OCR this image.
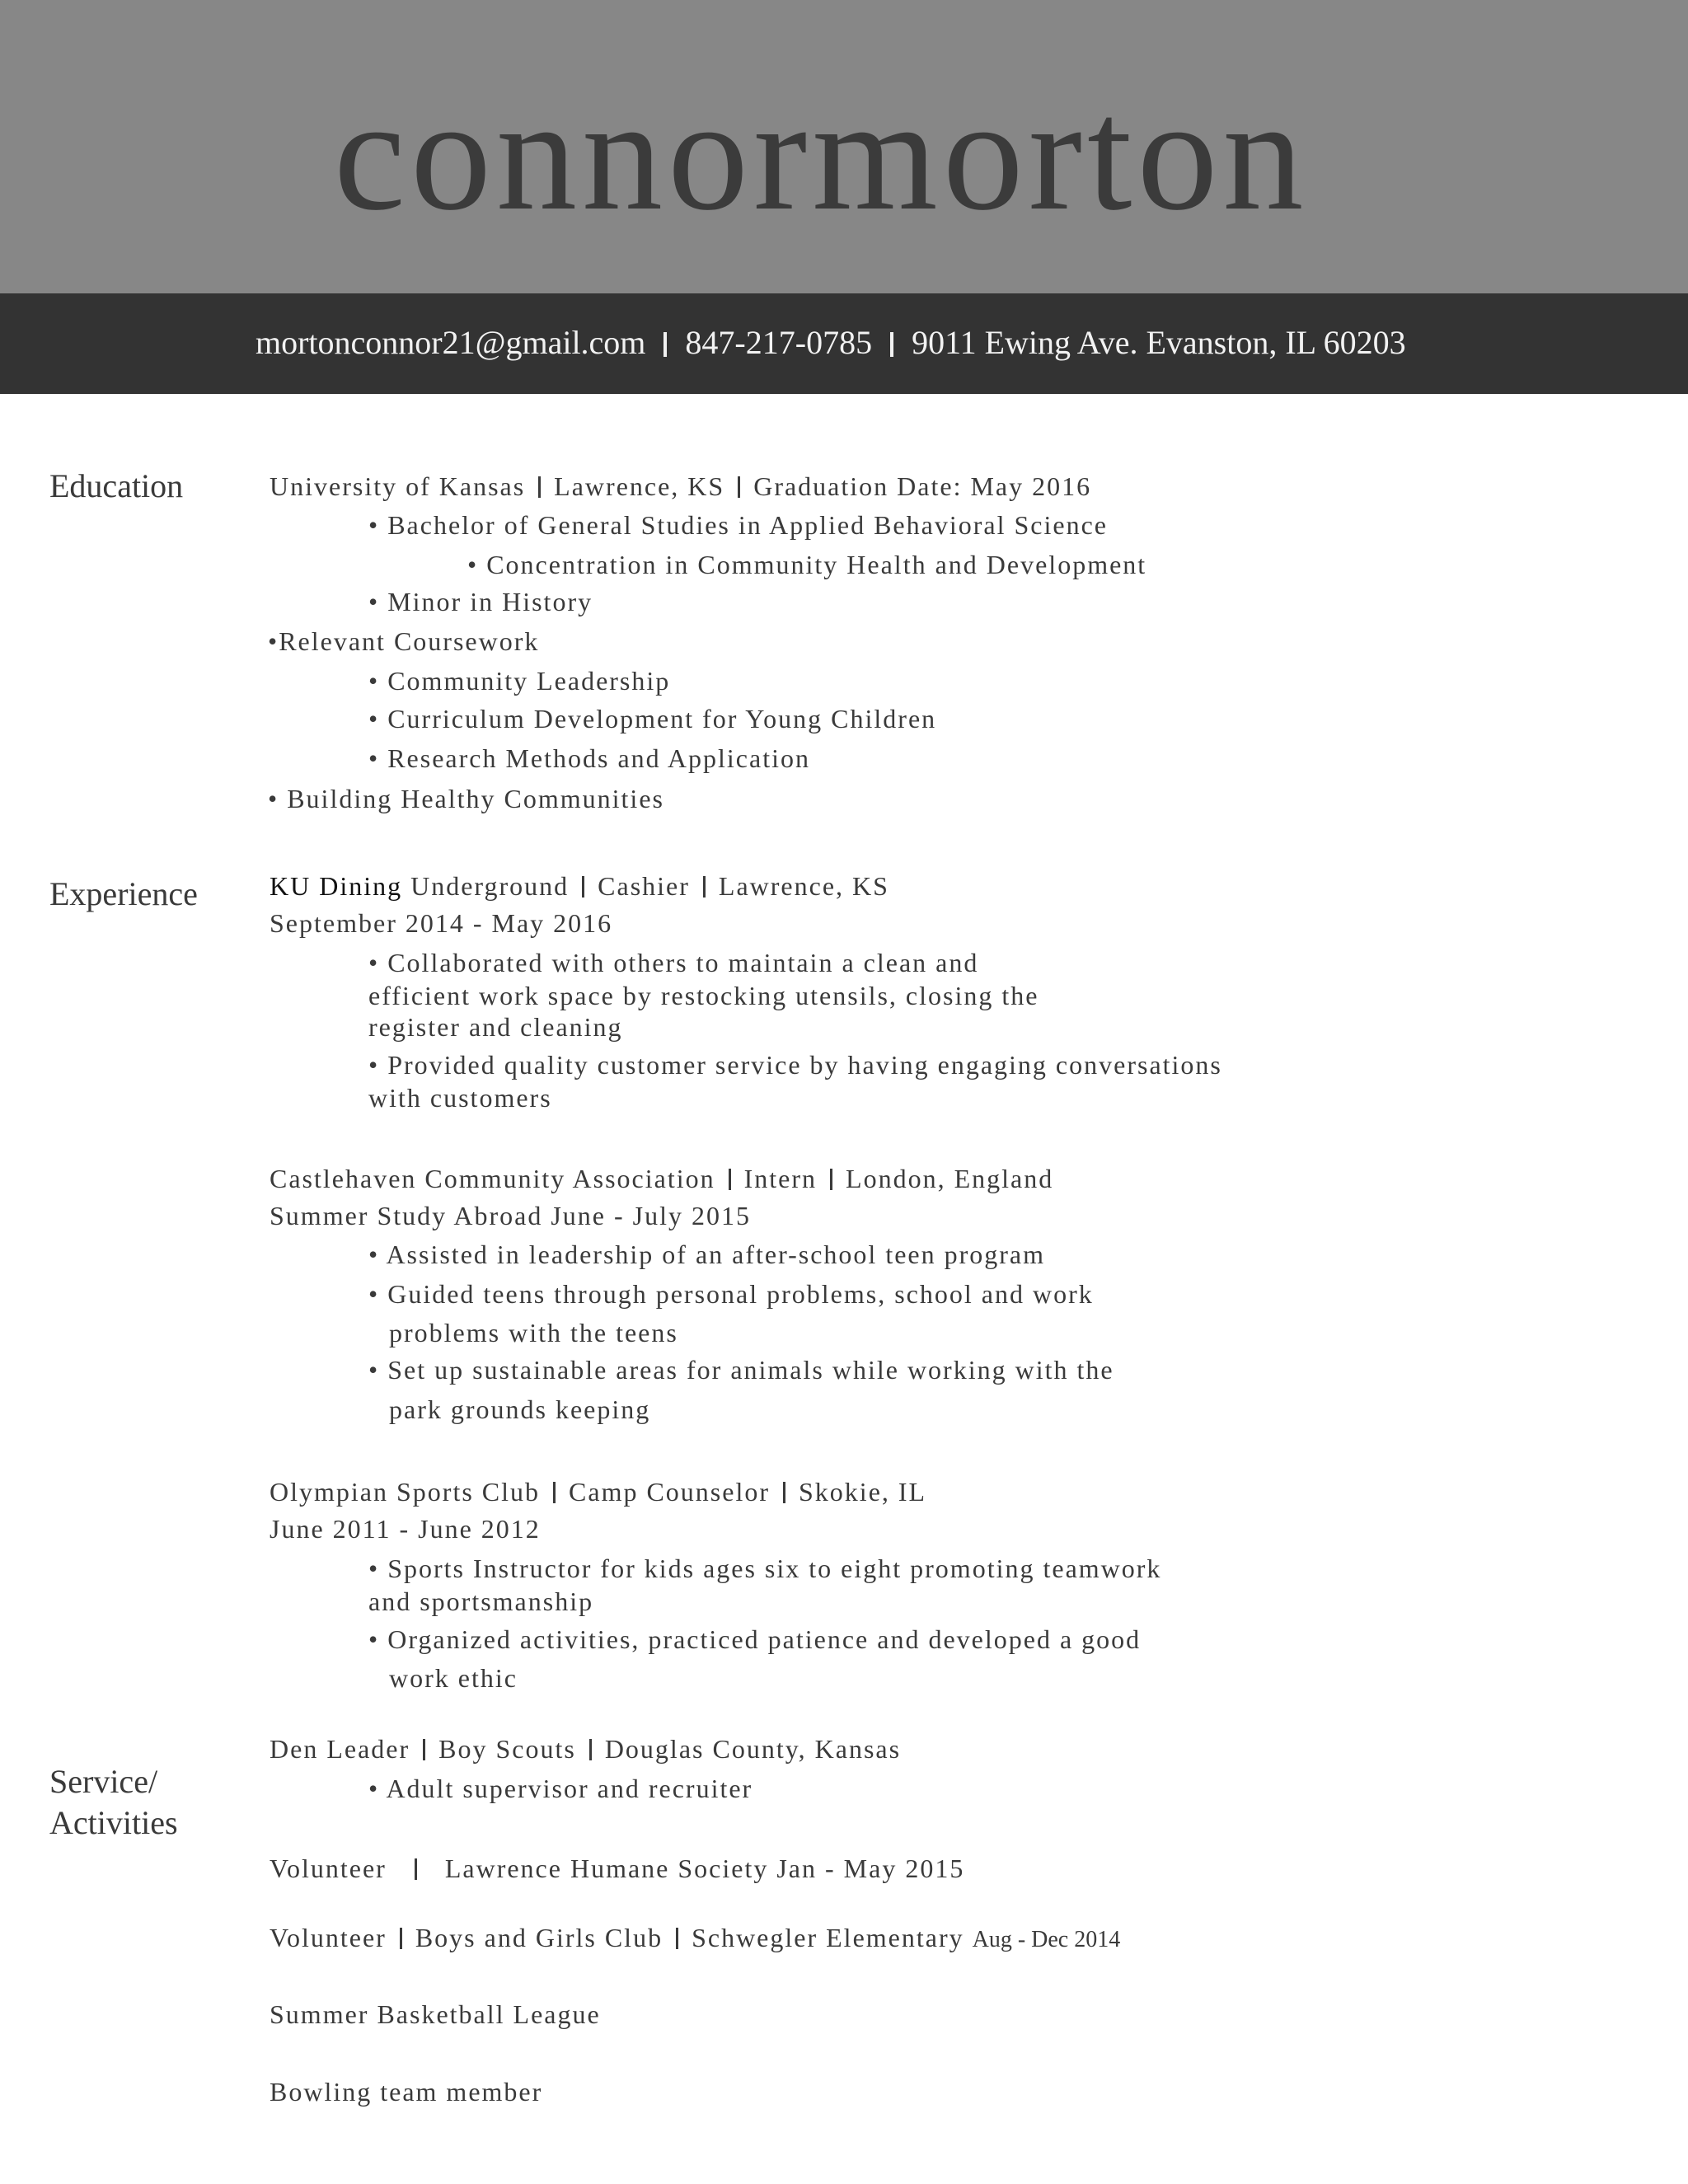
connormorton
mortonconnor21@gmail.com 847-217-0785 9011 Ewing Ave. Evanston, IL 60203
Education
Experience
Service/
Activities
University of Kansas Lawrence, KS Graduation Date: May 2016
• Bachelor of General Studies in Applied Behavioral Science
• Concentration in Community Health and Development
• Minor in History
•Relevant Coursework
• Community Leadership
• Curriculum Development for Young Children
• Research Methods and Application
• Building Healthy Communities
KU Dining Underground Cashier Lawrence, KS
September 2014 - May 2016
• Collaborated with others to maintain a clean and
efficient work space by restocking utensils, closing the
register and cleaning
• Provided quality customer service by having engaging conversations
with customers
Castlehaven Community Association Intern London, England
Summer Study Abroad June - July 2015
• Assisted in leadership of an after-school teen program
• Guided teens through personal problems, school and work
problems with the teens
• Set up sustainable areas for animals while working with the
park grounds keeping
Olympian Sports Club Camp Counselor Skokie, IL
June 2011 - June 2012
• Sports Instructor for kids ages six to eight promoting teamwork
and sportsmanship
• Organized activities, practiced patience and developed a good
work ethic
Den Leader Boy Scouts Douglas County, Kansas
• Adult supervisor and recruiter
Volunteer Lawrence Humane Society Jan - May 2015
Volunteer Boys and Girls Club Schwegler Elementary Aug - Dec 2014
Summer Basketball League
Bowling team member
